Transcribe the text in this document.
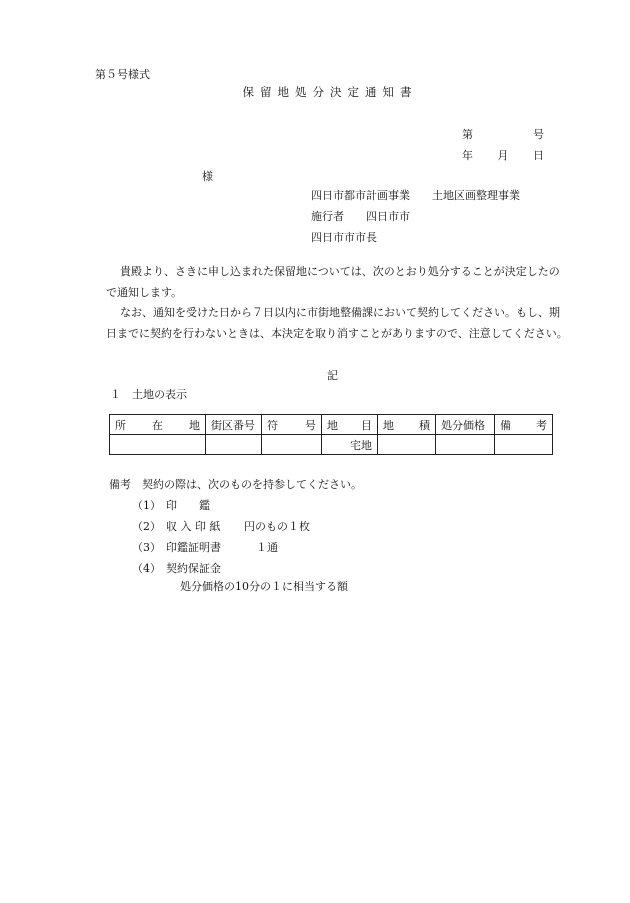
第５号様式
保留地処分決定通知書
第	号
年 月 日
様
四日市都市計画事業　　土地区画整理事業
施行者　　四日市市
四日市市市長
貴殿より、さきに申し込まれた保留地については、次のとおり処分することが決定したので通知します。
なお、通知を受けた日から７日以内に市街地整備課において契約してください。もし、期日までに契約を行わないときは、本決定を取り消すことがありますので、注意してください。
記
１　土地の表示
所 在 地	街区番号	符 号	地 目	地 積	処分価格	備 考

			宅地			
備考　契約の際は、次のものを持参してください。
（1） 印　　鑑
（2） 収 入 印 紙 円のもの１枚
（3） 印鑑証明書	１通
（4） 契約保証金
処分価格の10分の１に相当する額
